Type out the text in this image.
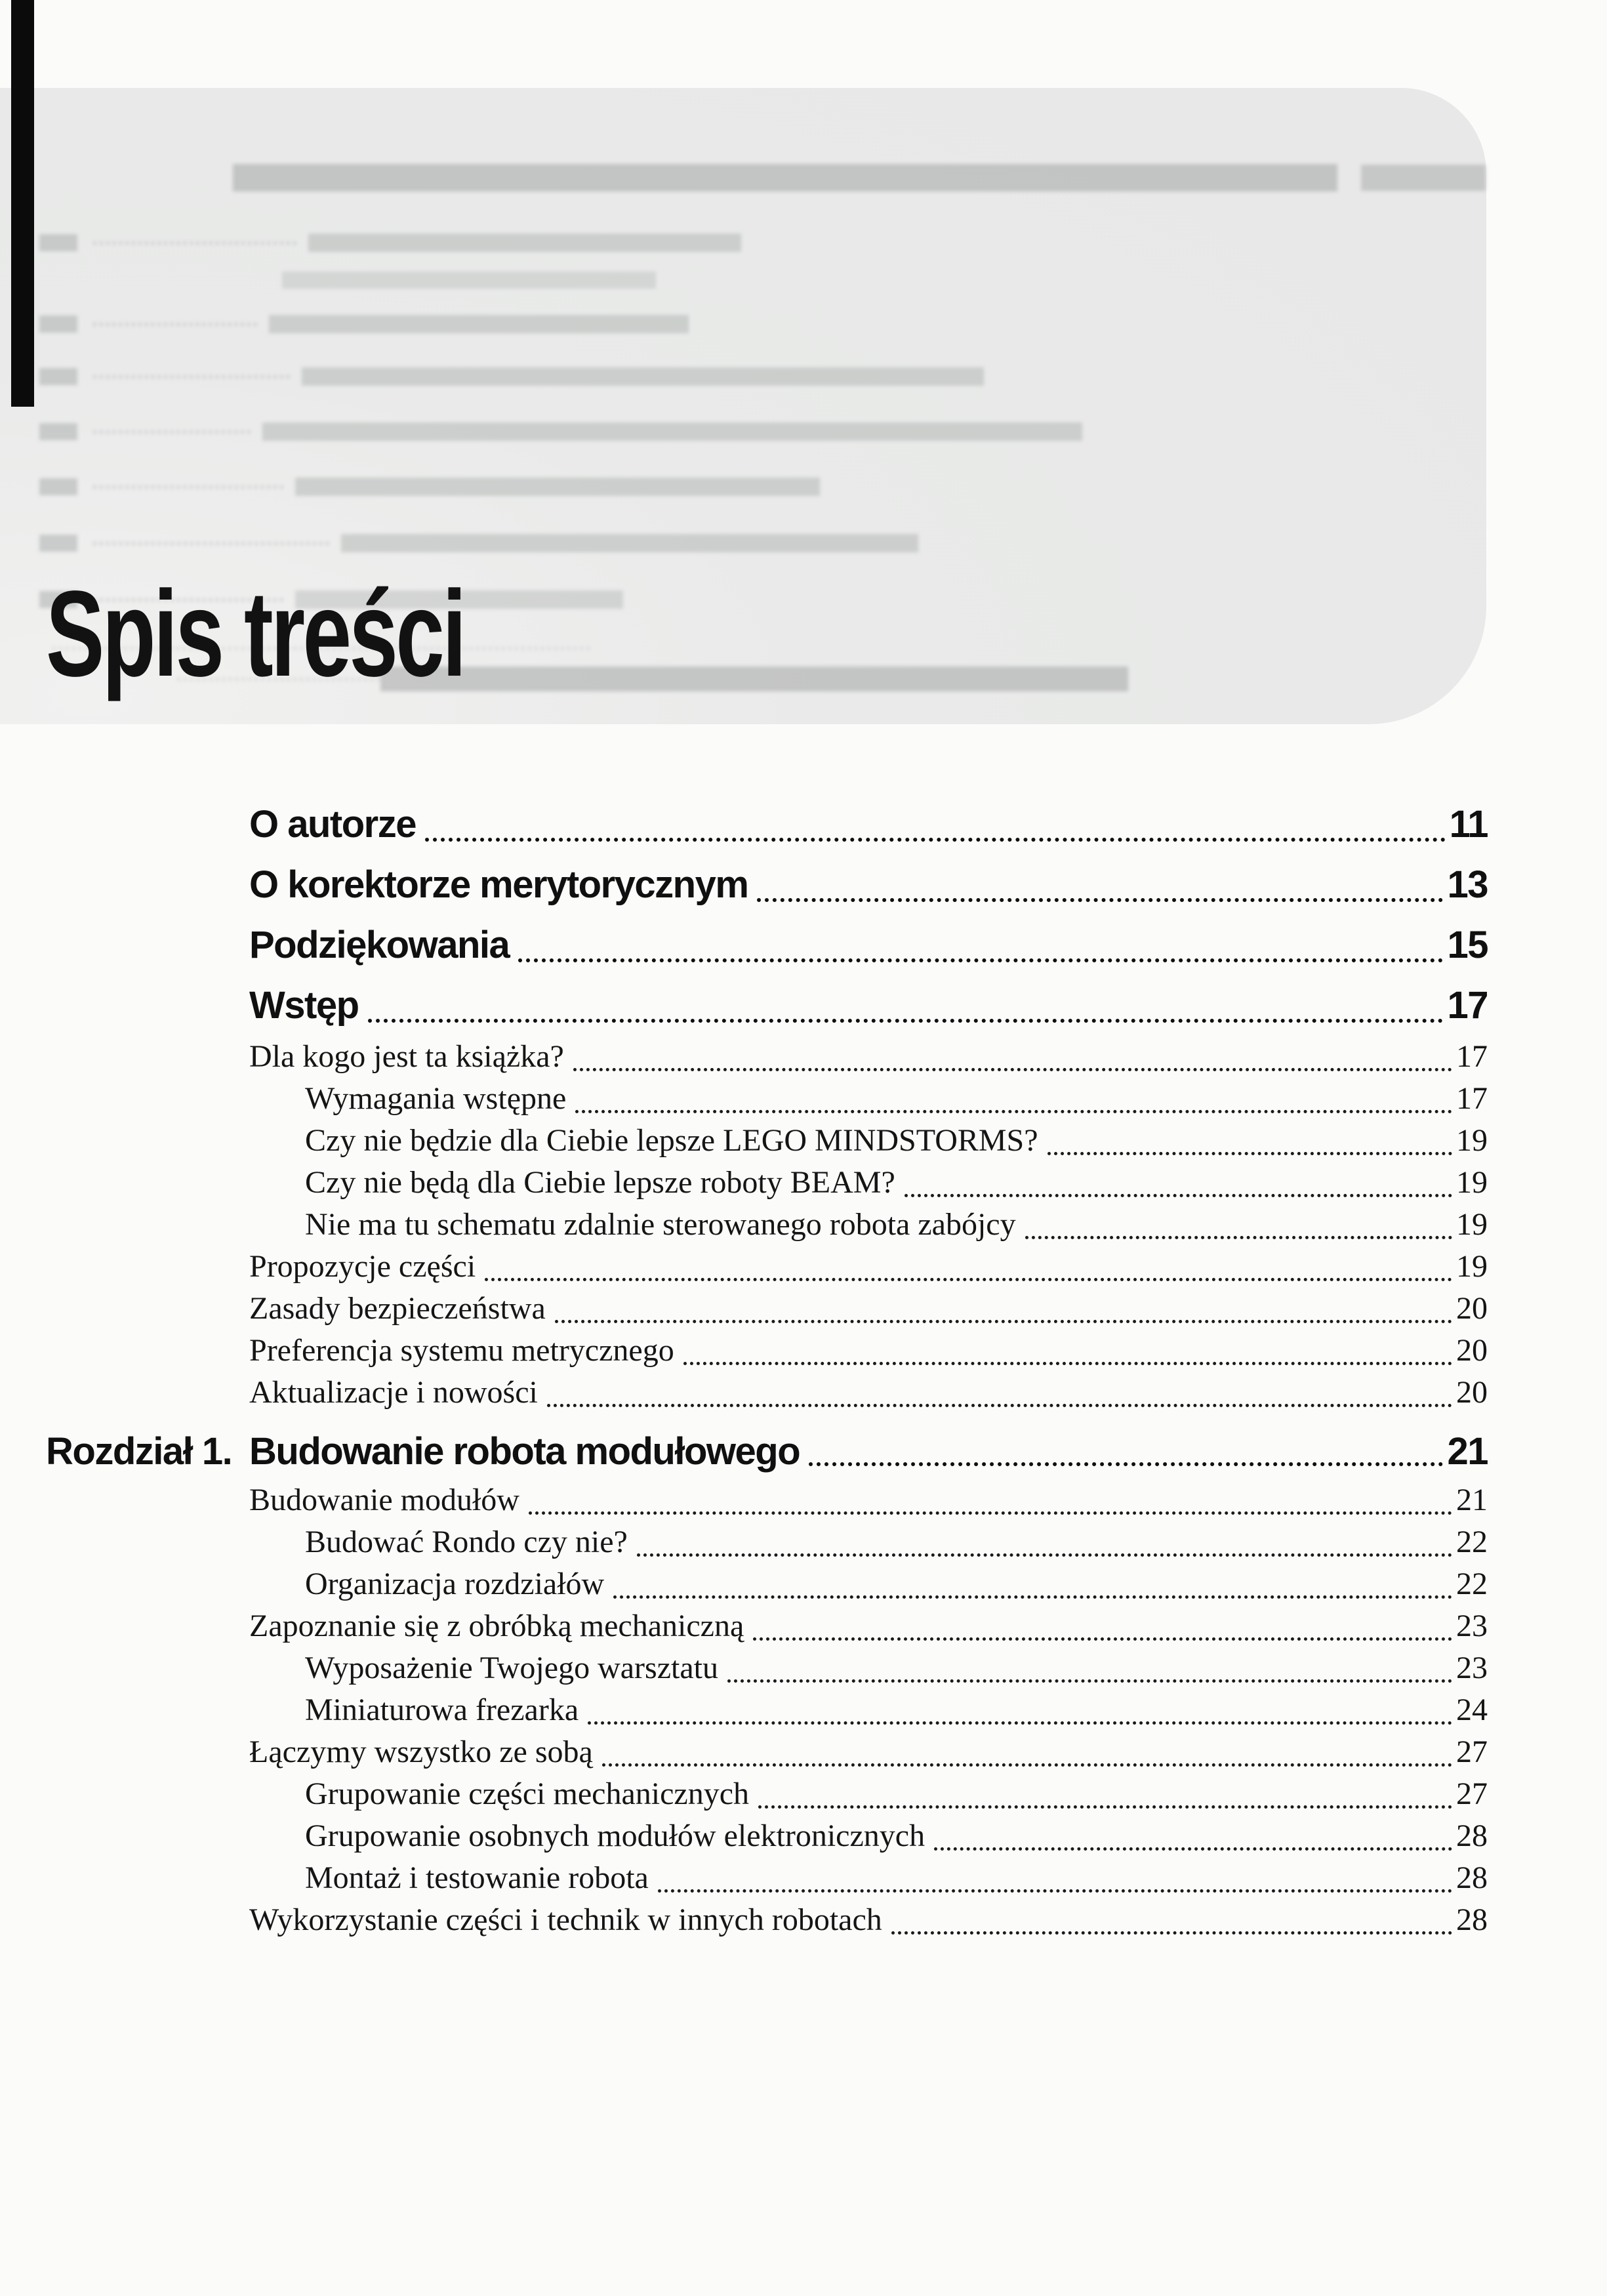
Spis treści
O autorze	11
O korektorze merytorycznym	13
Podziękowania	15
Wstęp	17
Dla kogo jest ta książka?	17
Wymagania wstępne	17
Czy nie będzie dla Ciebie lepsze LEGO MINDSTORMS?	19
Czy nie będą dla Ciebie lepsze roboty BEAM?	19
Nie ma tu schematu zdalnie sterowanego robota zabójcy	19
Propozycje części	19
Zasady bezpieczeństwa	20
Preferencja systemu metrycznego	20
Aktualizacje i nowości	20
Rozdział 1. Budowanie robota modułowego	21
Budowanie modułów	21
Budować Rondo czy nie?	22
Organizacja rozdziałów	22
Zapoznanie się z obróbką mechaniczną	23
Wyposażenie Twojego warsztatu	23
Miniaturowa frezarka	24
Łączymy wszystko ze sobą	27
Grupowanie części mechanicznych	27
Grupowanie osobnych modułów elektronicznych	28
Montaż i testowanie robota	28
Wykorzystanie części i technik w innych robotach	28
